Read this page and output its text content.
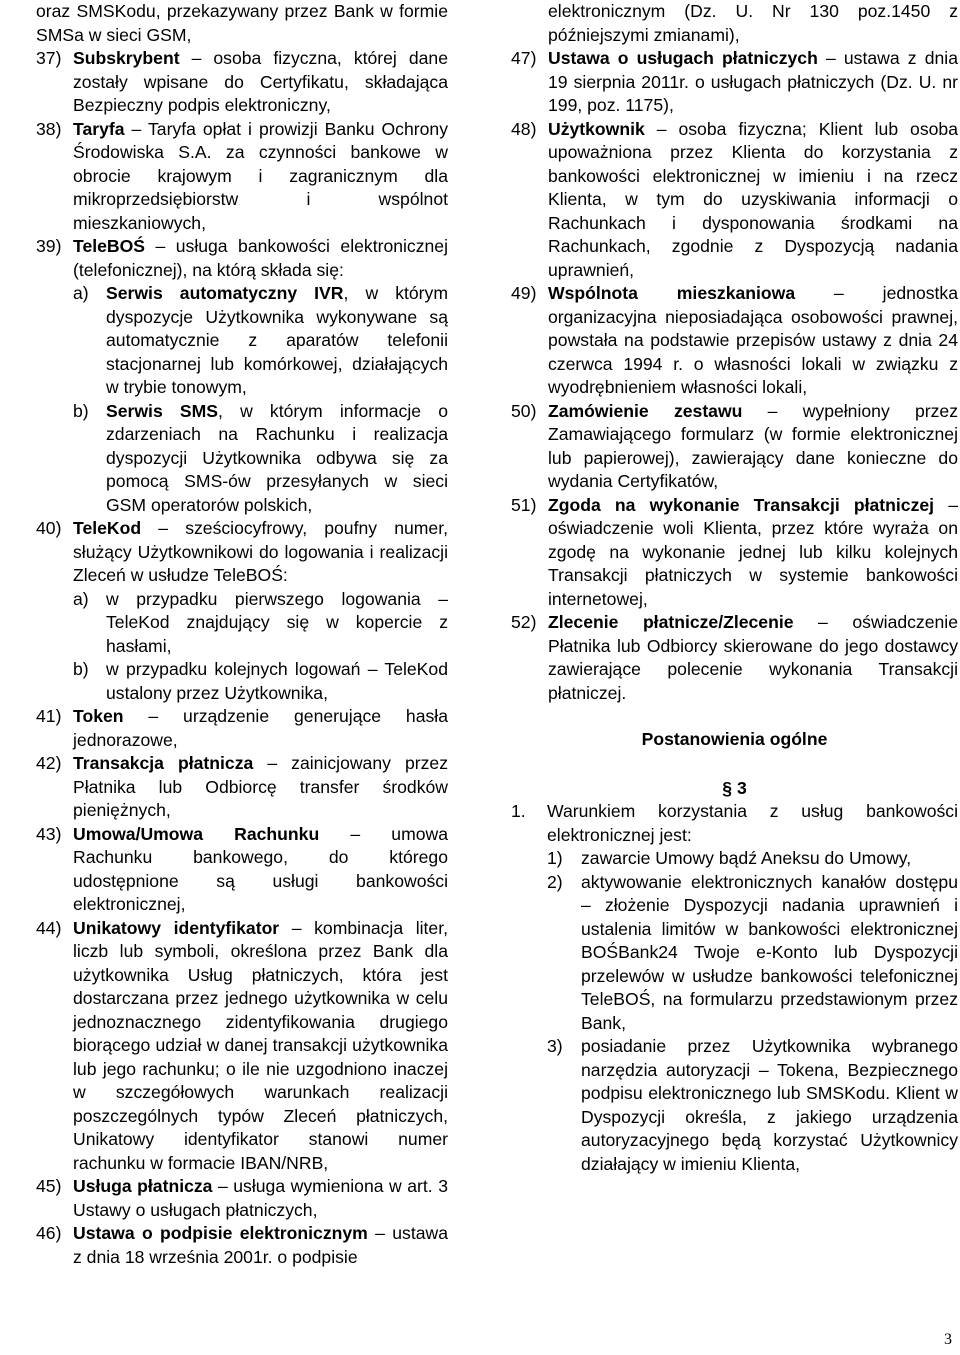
oraz SMSKodu, przekazywany przez Bank w formie SMSa w sieci GSM,

37) Subskrybent – osoba fizyczna, której dane zostały wpisane do Certyfikatu, składająca Bezpieczny podpis elektroniczny,
38) Taryfa – Taryfa opłat i prowizji Banku Ochrony Środowiska S.A. za czynności bankowe w obrocie krajowym i zagranicznym dla mikroprzedsiębiorstw i wspólnot mieszkaniowych,
39) TeleBOŚ – usługa bankowości elektronicznej (telefonicznej), na którą składa się:
a) Serwis automatyczny IVR, w którym dyspozycje Użytkownika wykonywane są automatycznie z aparatów telefonii stacjonarnej lub komórkowej, działających w trybie tonowym,
b) Serwis SMS, w którym informacje o zdarzeniach na Rachunku i realizacja dyspozycji Użytkownika odbywa się za pomocą SMS-ów przesyłanych w sieci GSM operatorów polskich,
40) TeleKod – sześciocyfrowy, poufny numer, służący Użytkownikowi do logowania i realizacji Zleceń w usłudze TeleBOŚ:
a) w przypadku pierwszego logowania – TeleKod znajdujący się w kopercie z hasłami,
b) w przypadku kolejnych logowań – TeleKod ustalony przez Użytkownika,
41) Token – urządzenie generujące hasła jednorazowe,
42) Transakcja płatnicza – zainicjowany przez Płatnika lub Odbiorcę transfer środków pieniężnych,
43) Umowa/Umowa Rachunku – umowa Rachunku bankowego, do którego udostępnione są usługi bankowości elektronicznej,
44) Unikatowy identyfikator – kombinacja liter, liczb lub symboli, określona przez Bank dla użytkownika Usług płatniczych, która jest dostarczana przez jednego użytkownika w celu jednoznacznego zidentyfikowania drugiego biorącego udział w danej transakcji użytkownika lub jego rachunku; o ile nie uzgodniono inaczej w szczegółowych warunkach realizacji poszczególnych typów Zleceń płatniczych, Unikatowy identyfikator stanowi numer rachunku w formacie IBAN/NRB,
45) Usługa płatnicza – usługa wymieniona w art. 3 Ustawy o usługach płatniczych,
46) Ustawa o podpisie elektronicznym – ustawa z dnia 18 września 2001r. o podpisie

elektronicznym (Dz. U. Nr 130 poz.1450 z późniejszymi zmianami),

47) Ustawa o usługach płatniczych – ustawa z dnia 19 sierpnia 2011r. o usługach płatniczych (Dz. U. nr 199, poz. 1175),
48) Użytkownik – osoba fizyczna; Klient lub osoba upoważniona przez Klienta do korzystania z bankowości elektronicznej w imieniu i na rzecz Klienta, w tym do uzyskiwania informacji o Rachunkach i dysponowania środkami na Rachunkach, zgodnie z Dyspozycją nadania uprawnień,
49) Wspólnota mieszkaniowa – jednostka organizacyjna nieposiadająca osobowości prawnej, powstała na podstawie przepisów ustawy z dnia 24 czerwca 1994 r. o własności lokali w związku z wyodrębnieniem własności lokali,
50) Zamówienie zestawu – wypełniony przez Zamawiającego formularz (w formie elektronicznej lub papierowej), zawierający dane konieczne do wydania Certyfikatów,
51) Zgoda na wykonanie Transakcji płatniczej – oświadczenie woli Klienta, przez które wyraża on zgodę na wykonanie jednej lub kilku kolejnych Transakcji płatniczych w systemie bankowości internetowej,
52) Zlecenie płatnicze/Zlecenie – oświadczenie Płatnika lub Odbiorcy skierowane do jego dostawcy zawierające polecenie wykonania Transakcji płatniczej.

Postanowienia ogólne

§ 3

1.	Warunkiem korzystania z usług bankowości elektronicznej jest:
1)	zawarcie Umowy bądź Aneksu do Umowy,
2)	aktywowanie elektronicznych kanałów dostępu – złożenie Dyspozycji nadania uprawnień i ustalenia limitów w bankowości elektronicznej BOŚBank24 Twoje e-Konto lub Dyspozycji przelewów w usłudze bankowości telefonicznej TeleBOŚ, na formularzu przedstawionym przez Bank,
3)	posiadanie przez Użytkownika wybranego narzędzia autoryzacji – Tokena, Bezpiecznego podpisu elektronicznego lub SMSKodu. Klient w Dyspozycji określa, z jakiego urządzenia autoryzacyjnego będą korzystać Użytkownicy działający w imieniu Klienta,
3
